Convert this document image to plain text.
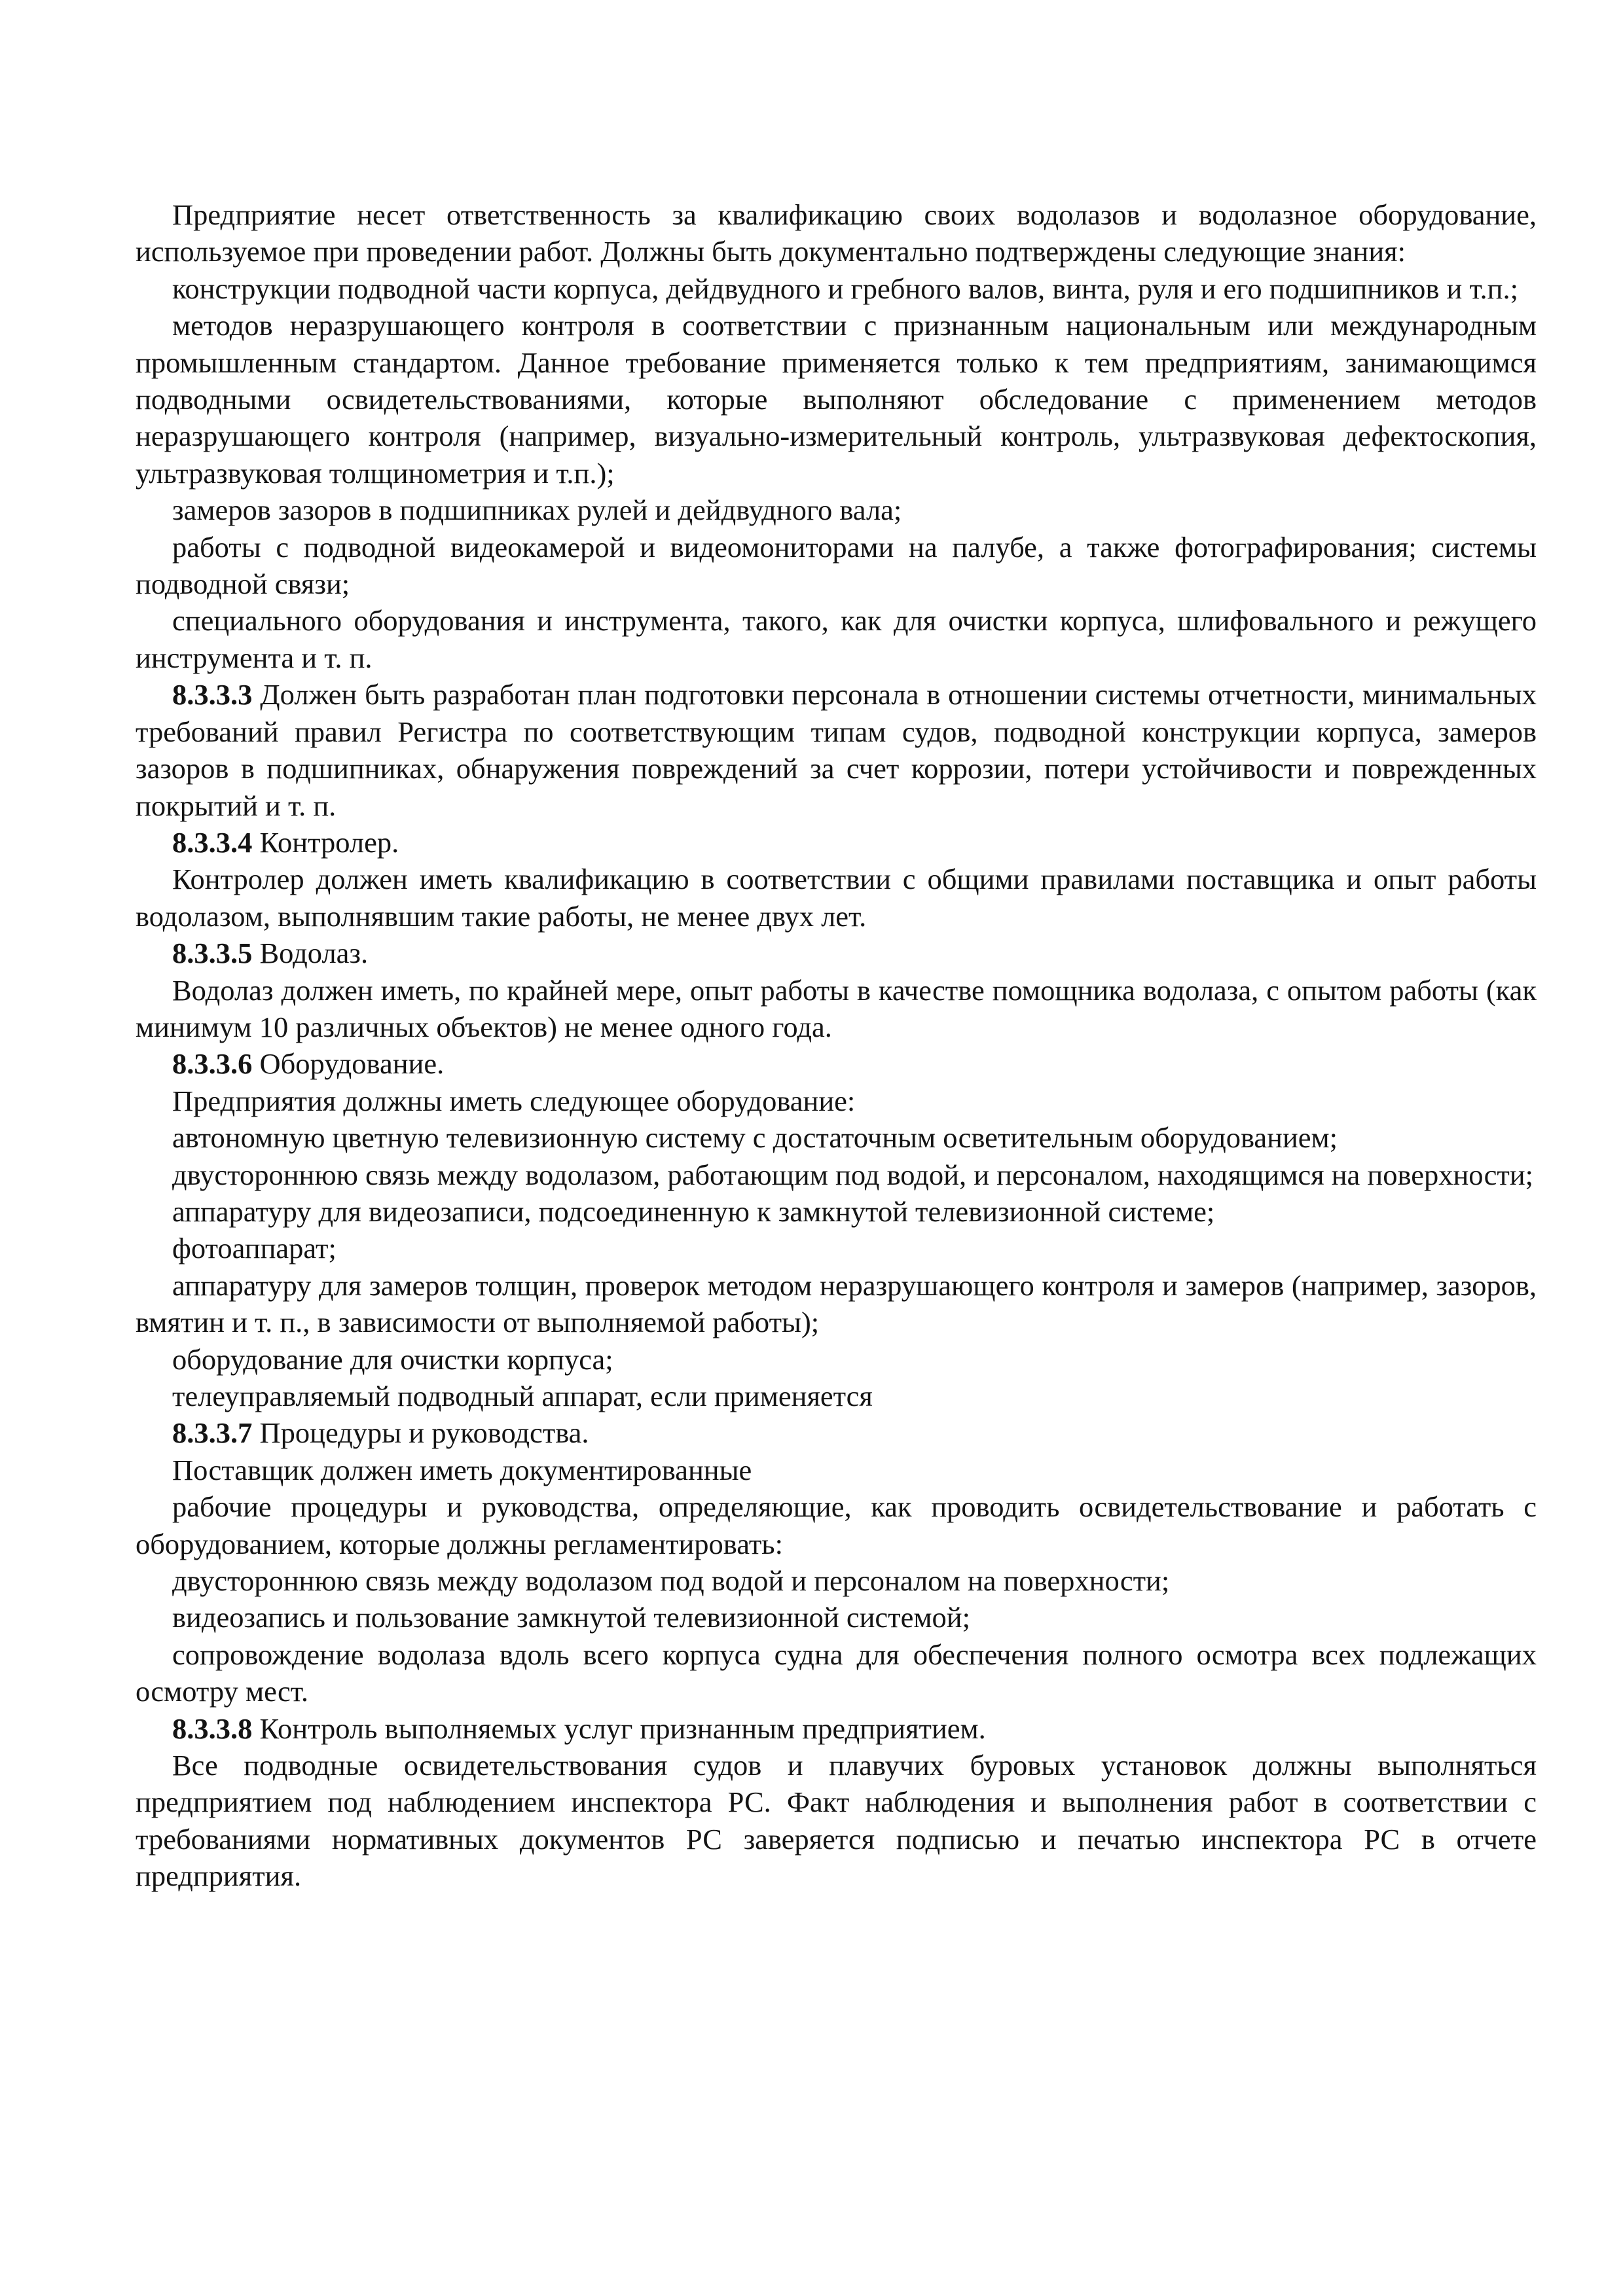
Предприятие несет ответственность за квалификацию своих водолазов и водолазное оборудование, используемое при проведении работ. Должны быть документально подтверждены следующие знания:

конструкции подводной части корпуса, дейдвудного и гребного валов, винта, руля и его подшипников и т.п.;

методов неразрушающего контроля в соответствии с признанным национальным или международным промышленным стандартом. Данное требование применяется только к тем предприятиям, занимающимся подводными освидетельствованиями, которые выполняют обследование с применением методов неразрушающего контроля (например, визуально-измерительный контроль, ультразвуковая дефектоскопия, ультразвуковая толщинометрия и т.п.);

замеров зазоров в подшипниках рулей и дейдвудного вала;

работы с подводной видеокамерой и видеомониторами на палубе, а также фотографирования; системы подводной связи;

специального оборудования и инструмента, такого, как для очистки корпуса, шлифовального и режущего инструмента и т. п.

8.3.3.3 Должен быть разработан план подготовки персонала в отношении системы отчетности, минимальных требований правил Регистра по соответствующим типам судов, подводной конструкции корпуса, замеров зазоров в подшипниках, обнаружения повреждений за счет коррозии, потери устойчивости и поврежденных покрытий и т. п.

8.3.3.4 Контролер.

Контролер должен иметь квалификацию в соответствии с общими правилами поставщика и опыт работы водолазом, выполнявшим такие работы, не менее двух лет.

8.3.3.5 Водолаз.

Водолаз должен иметь, по крайней мере, опыт работы в качестве помощника водолаза, с опытом работы (как минимум 10 различных объектов) не менее одного года.

8.3.3.6 Оборудование.

Предприятия должны иметь следующее оборудование:

автономную цветную телевизионную систему с достаточным осветительным оборудованием;

двустороннюю связь между водолазом, работающим под водой, и персоналом, находящимся на поверхности;

аппаратуру для видеозаписи, подсоединенную к замкнутой телевизионной системе;

фотоаппарат;

аппаратуру для замеров толщин, проверок методом неразрушающего контроля и замеров (например, зазоров, вмятин и т. п., в зависимости от выполняемой работы);

оборудование для очистки корпуса;

телеуправляемый подводный аппарат, если применяется

8.3.3.7 Процедуры и руководства.

Поставщик должен иметь документированные

рабочие процедуры и руководства, определяющие, как проводить освидетельствование и работать с оборудованием, которые должны регламентировать:

двустороннюю связь между водолазом под водой и персоналом на поверхности;

видеозапись и пользование замкнутой телевизионной системой;

сопровождение водолаза вдоль всего корпуса судна для обеспечения полного осмотра всех подлежащих осмотру мест.

8.3.3.8 Контроль выполняемых услуг признанным предприятием.

Все подводные освидетельствования судов и плавучих буровых установок должны выполняться предприятием под наблюдением инспектора РС. Факт наблюдения и выполнения работ в соответствии с требованиями нормативных документов РС заверяется подписью и печатью инспектора РС в отчете предприятия.
